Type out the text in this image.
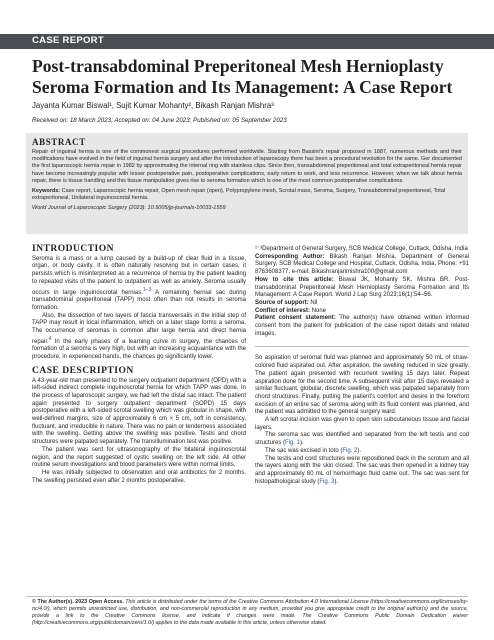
CASE REPORT
Post-transabdominal Preperitoneal Mesh Hernioplasty Seroma Formation and Its Management: A Case Report
Jayanta Kumar Biswal¹, Sujit Kumar Mohanty², Bikash Ranjan Mishra³
Received on: 18 March 2023; Accepted on: 04 June 2023; Published on: 05 September 2023
ABSTRACT
Repair of inguinal hernia is one of the commonest surgical procedures performed worldwide. Starting from Bassini's repair proposed in 1887, numerous methods and their modifications have evolved in the field of inguinal hernia surgery and after the introduction of laparoscopy there has been a procedural revolution for the same. Ger documented the first laparoscopic hernia repair in 1982 by approximating the internal ring with stainless clips. Since then, transabdominal preperitoneal and total extraperitoneal hernia repair have become increasingly popular with lesser postoperative pain, postoperative complications, early return to work, and less recurrence. However, when we talk about hernia repair, there is tissue handling and this tissue manipulation gives rise to seroma formation which is one of the most common postoperative complications.
Keywords: Case report, Laparoscopic hernia repair, Open mesh repair (open), Polypropylene mesh, Scrotal mass, Seroma, Surgery, Transabdominal preperitoneal, Total extraperitoneal, Unilateral inguinoscrotal hernia.
World Journal of Laparoscopic Surgery (2023): 10.5005/jp-journals-10033-1559
INTRODUCTION

Seroma is a mass or a lump caused by a build-up of clear fluid in a tissue, organ, or body cavity. It is often naturally resolving but in certain cases, it persists which is misinterpreted as a recurrence of hernia by the patient leading to repeated visits of the patient to outpatient as well as anxiety. Seroma usually occurs in large inguinoscrotal hernias.$^{1-3}$ A remaining hernial sac during transabdominal preperitoneal (TAPP) most often than not results in seroma formation.

Also, the dissection of two layers of fascia transversalis in the initial step of TAPP may result in local inflammation, which on a later stage forms a seroma. The occurrence of seromas is common after large hernia and direct hernia repair.$^4$ In the early phases of a learning curve in surgery, the chances of formation of a seroma is very high, but with an increasing acquaintance with the procedure, in experienced hands, the chances go significantly lower.

CASE DESCRIPTION

A 43-year-old man presented to the surgery outpatient department (OPD) with a left-sided indirect complete inguinoscrotal hernia for which TAPP was done. In the process of laparoscopic surgery, we had left the distal sac intact. The patient again presented to surgery outpatient department (SOPD) 15 days postoperative with a left-sided scrotal swelling which was globular in shape, with well-defined margins, size of approximately 6 cm × 5 cm, soft in consistency, fluctuant, and irreducible in nature. There was no pain or tenderness associated with the swelling. Getting above the swelling was positive. Testis and chord structures were palpated separately. The transillumination test was positive.

The patient was sent for ultrasonography of the bilateral inguinoscrotal region, and the report suggested of cystic swelling on the left side. All other routine serum investigations and blood parameters were within normal limits.

He was initially subjected to observation and oral antibiotics for 2 months. The swelling persisted even after 2 months postoperative.

¹⁻³Department of General Surgery, SCB Medical College, Cuttack, Odisha, India
Corresponding Author: Bikash Ranjan Mishra, Department of General Surgery, SCB Medical College and Hospital, Cuttack, Odisha, India, Phone: +91 8763608377, e-mail: Bikashranjanmishra100@gmail.com
How to cite this article: Biswal JK, Mohanty SK, Mishra BR. Post-transabdominal Preperitoneal Mesh Hernioplasty Seroma Formation and Its Management: A Case Report. World J Lap Surg 2023;16(1):54–56.
Source of support: Nil
Conflict of interest: None
Patient consent statement: The author(s) have obtained written informed consent from the patient for publication of the case report details and related images.

So aspiration of seromal fluid was planned and approximately 50 mL of straw-colored fluid aspirated out. After aspiration, the swelling reduced in size greatly. The patient again presented with recurrent swelling 15 days later. Repeat aspiration done for the second time. A subsequent visit after 15 days revealed a similar fluctuant, globular, discrete swelling, which was palpated separately from chord structures. Finally, putting the patient's comfort and desire in the forefront excision of an entire sac of seroma along with its fluid content was planned, and the patient was admitted to the general surgery ward.

A left scrotal incision was given to open skin subcutaneous tissue and fascial layers.

The seroma sac was identified and separated from the left testis and cod structures (Fig. 1).

The sac was excised in toto (Fig. 2).

The testis and cord structures were repositioned back in the scrotum and all the layers along with the skin closed. The sac was then opened in a kidney tray and approximately 80 mL of hemorrhagic fluid came out. The sac was sent for histopathological study (Fig. 3).

© The Author(s). 2023 Open Access. This article is distributed under the terms of the Creative Commons Attribution 4.0 International License (https://creativecommons.org/licenses/by-nc/4.0/), which permits unrestricted use, distribution, and non-commercial reproduction in any medium, provided you give appropriate credit to the original author(s) and the source, provide a link to the Creative Commons license, and indicate if changes were made. The Creative Commons Public Domain Dedication waiver (http://creativecommons.org/publicdomain/zero/1.0/) applies to the data made available in this article, unless otherwise stated.
